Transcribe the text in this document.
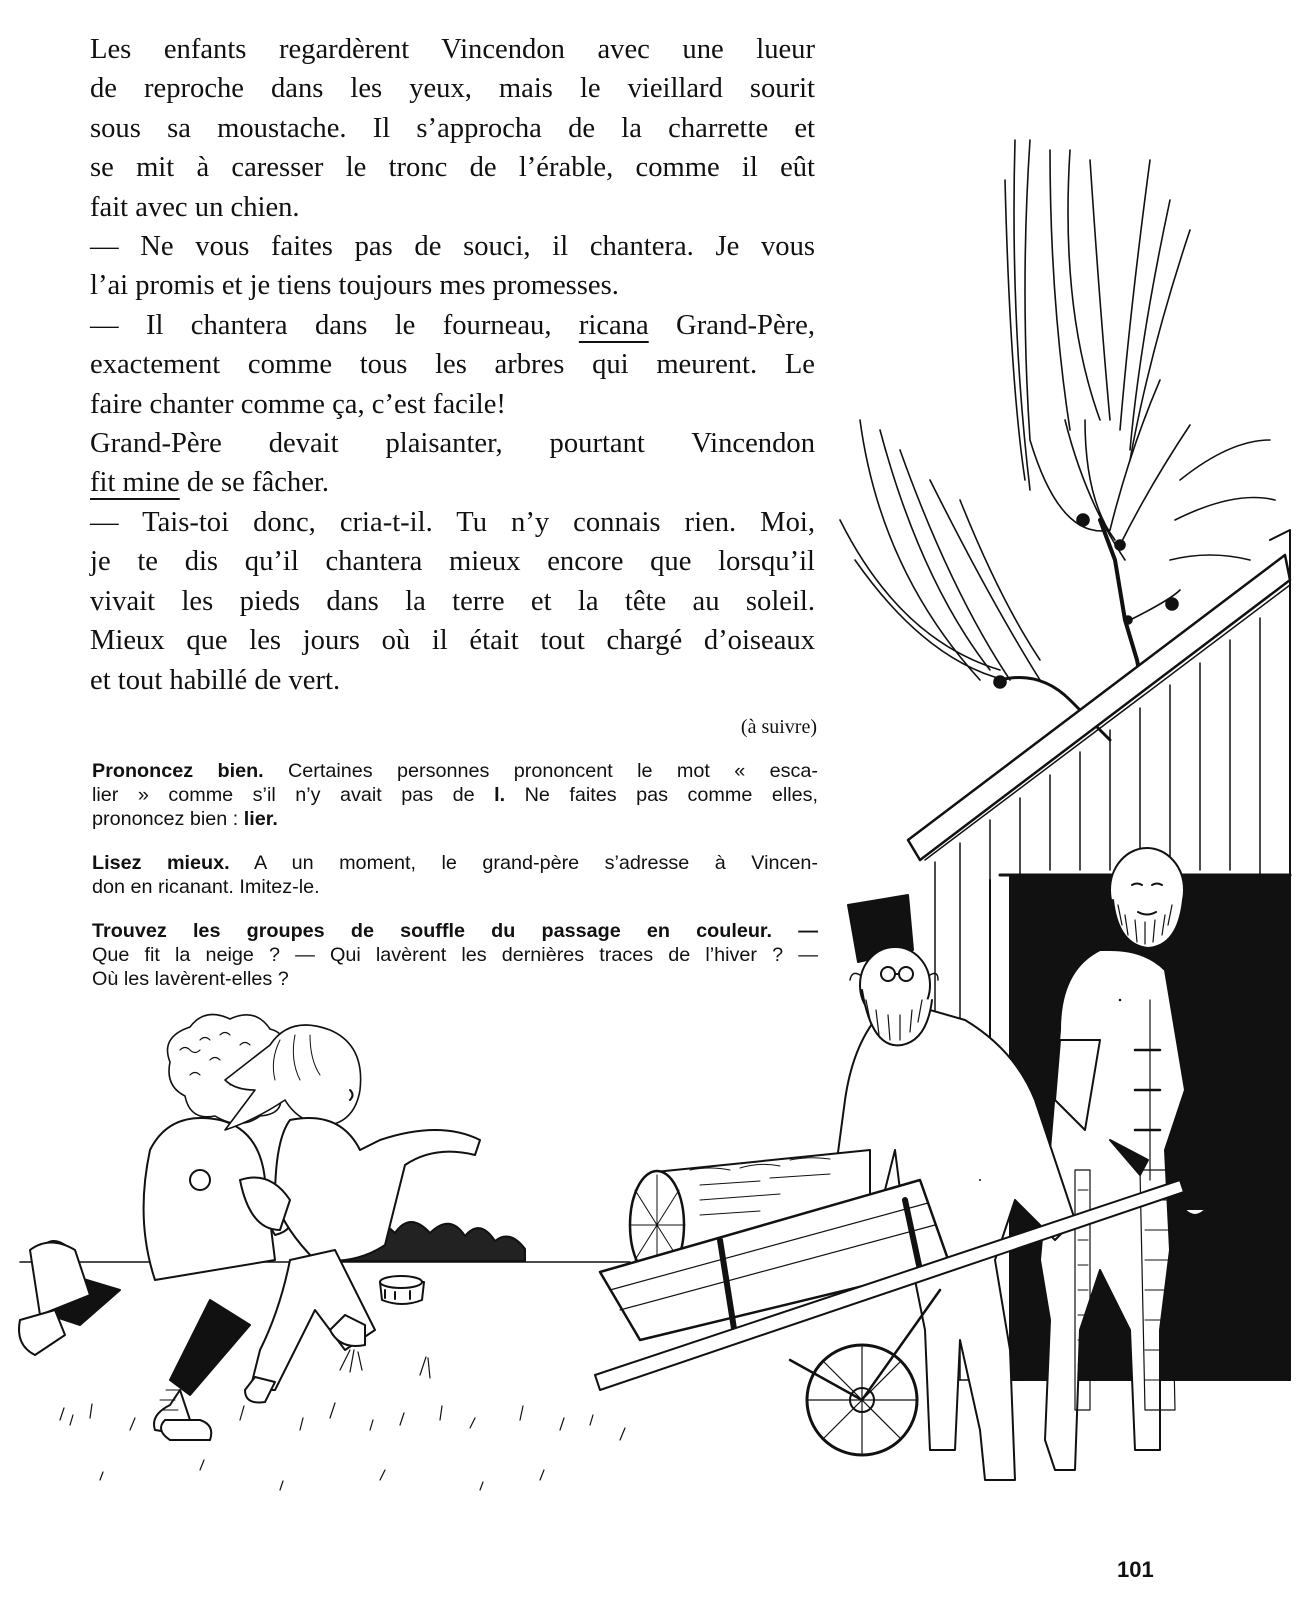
Les enfants regardèrent Vincendon avec une lueur
de reproche dans les yeux, mais le vieillard sourit
sous sa moustache. Il s’approcha de la charrette et
se mit à caresser le tronc de l’érable, comme il eût
fait avec un chien.
— Ne vous faites pas de souci, il chantera. Je vous
l’ai promis et je tiens toujours mes promesses.
— Il chantera dans le fourneau, ricana Grand-Père,
exactement comme tous les arbres qui meurent. Le
faire chanter comme ça, c’est facile!
Grand-Père devait plaisanter, pourtant Vincendon
fit mine de se fâcher.
— Tais-toi donc, cria-t-il. Tu n’y connais rien. Moi,
je te dis qu’il chantera mieux encore que lorsqu’il
vivait les pieds dans la terre et la tête au soleil.
Mieux que les jours où il était tout chargé d’oiseaux
et tout habillé de vert.
(à suivre)
Prononcez bien. Certaines personnes prononcent le mot « esca-
lier » comme s’il n’y avait pas de l. Ne faites pas comme elles,
prononcez bien : lier.
Lisez mieux. A un moment, le grand-père s’adresse à Vincen-
don en ricanant. Imitez-le.
Trouvez les groupes de souffle du passage en couleur. —
Que fit la neige ? — Qui lavèrent les dernières traces de l’hiver ? —
Où les lavèrent-elles ?
101
